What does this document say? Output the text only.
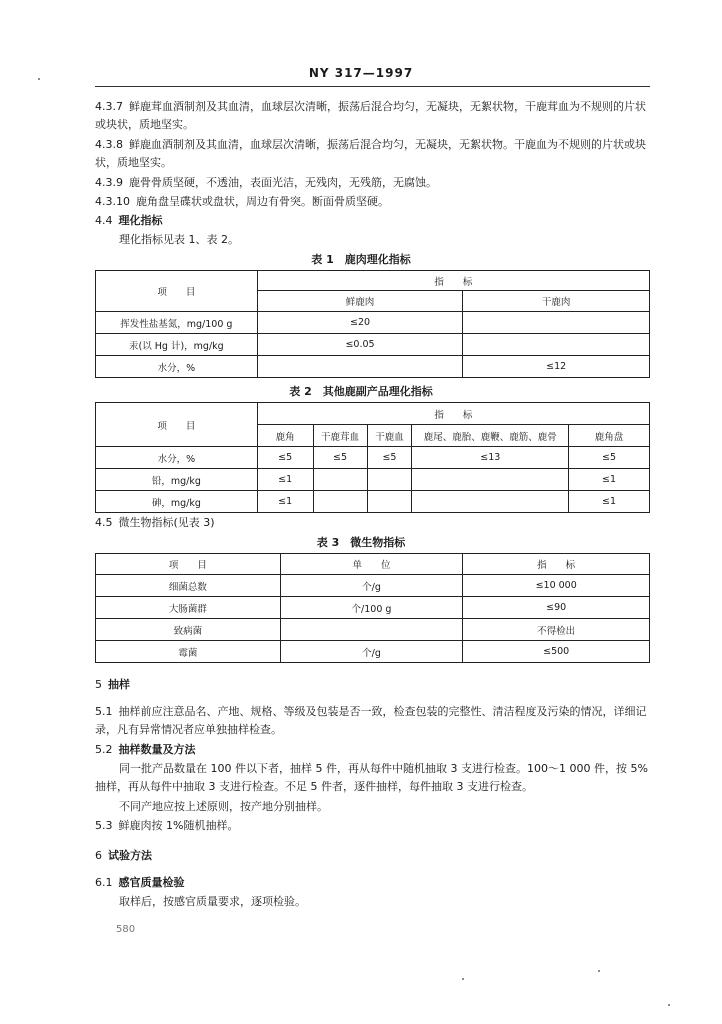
NY 317—1997
4.3.7 鲜鹿茸血酒制剂及其血清，血球层次清晰，振荡后混合均匀，无凝块，无絮状物，干鹿茸血为不规则的片状或块状，质地坚实。
4.3.8 鲜鹿血酒制剂及其血清，血球层次清晰，振荡后混合均匀，无凝块，无絮状物。干鹿血为不规则的片状或块状，质地坚实。
4.3.9 鹿骨骨质坚硬，不透油，表面光洁，无残肉，无残筋，无腐蚀。
4.3.10 鹿角盘呈碟状或盘状，周边有骨突。断面骨质坚硬。
4.4 理化指标
理化指标见表 1、表 2。
表 1　鹿肉理化指标
项　　目	指　　标	
	鲜鹿肉	干鹿肉
挥发性盐基氮，mg/100 g	≤20	
汞(以 Hg 计)，mg/kg	≤0.05	
水分，%		≤12
表 2　其他鹿副产品理化指标
项　　目	指　　标				
	鹿角	干鹿茸血	干鹿血	鹿尾、鹿胎、鹿鞭、鹿筋、鹿骨	鹿角盘
水分，%	≤5	≤5	≤5	≤13	≤5
铅，mg/kg	≤1				≤1
砷，mg/kg	≤1				≤1
4.5 微生物指标(见表 3)
表 3　微生物指标
项　　目	单　　位	指　　标
细菌总数	个/g	≤10 000
大肠菌群	个/100 g	≤90
致病菌		不得检出
霉菌	个/g	≤500
5 抽样
5.1 抽样前应注意品名、产地、规格、等级及包装是否一致，检查包装的完整性、清洁程度及污染的情况，详细记录，凡有异常情况者应单独抽样检查。
5.2 抽样数量及方法
同一批产品数量在 100 件以下者，抽样 5 件，再从每件中随机抽取 3 支进行检查。100～1 000 件，按 5%抽样，再从每件中抽取 3 支进行检查。不足 5 件者，逐件抽样，每件抽取 3 支进行检查。
不同产地应按上述原则，按产地分别抽样。
5.3 鲜鹿肉按 1%随机抽样。
6 试验方法
6.1 感官质量检验
取样后，按感官质量要求，逐项检验。
580
